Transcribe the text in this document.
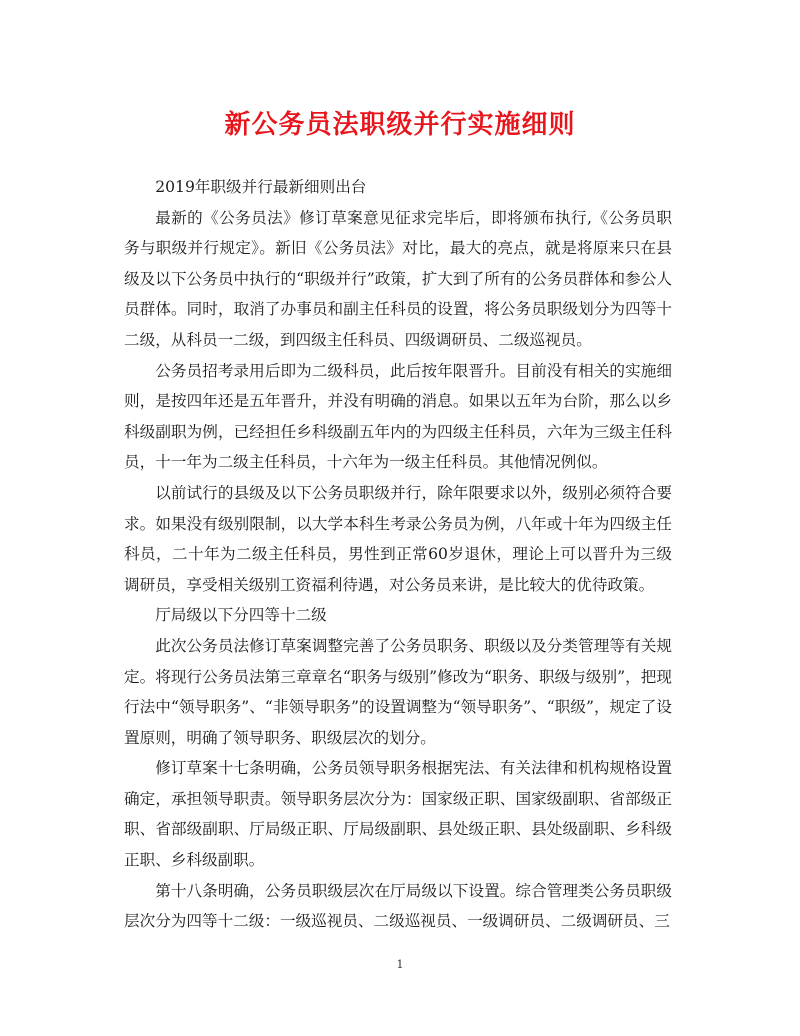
新公务员法职级并行实施细则

2019年职级并行最新细则出台

最新的《公务员法》修订草案意见征求完毕后，即将颁布执行,《公务员职务与职级并行规定》。新旧《公务员法》对比，最大的亮点，就是将原来只在县级及以下公务员中执行的“职级并行”政策，扩大到了所有的公务员群体和参公人员群体。同时，取消了办事员和副主任科员的设置，将公务员职级划分为四等十二级，从科员一二级，到四级主任科员、四级调研员、二级巡视员。

公务员招考录用后即为二级科员，此后按年限晋升。目前没有相关的实施细则，是按四年还是五年晋升，并没有明确的消息。如果以五年为台阶，那么以乡科级副职为例，已经担任乡科级副五年内的为四级主任科员，六年为三级主任科员，十一年为二级主任科员，十六年为一级主任科员。其他情况例似。

以前试行的县级及以下公务员职级并行，除年限要求以外，级别必须符合要求。如果没有级别限制，以大学本科生考录公务员为例，八年或十年为四级主任科员，二十年为二级主任科员，男性到正常60岁退休，理论上可以晋升为三级调研员，享受相关级别工资福利待遇，对公务员来讲，是比较大的优待政策。

厅局级以下分四等十二级

此次公务员法修订草案调整完善了公务员职务、职级以及分类管理等有关规定。将现行公务员法第三章章名“职务与级别”修改为“职务、职级与级别”，把现行法中“领导职务”、“非领导职务”的设置调整为“领导职务”、“职级”，规定了设置原则，明确了领导职务、职级层次的划分。

修订草案十七条明确，公务员领导职务根据宪法、有关法律和机构规格设置确定，承担领导职责。领导职务层次分为：国家级正职、国家级副职、省部级正职、省部级副职、厅局级正职、厅局级副职、县处级正职、县处级副职、乡科级正职、乡科级副职。

第十八条明确，公务员职级层次在厅局级以下设置。综合管理类公务员职级层次分为四等十二级：一级巡视员、二级巡视员、一级调研员、二级调研员、三

1
